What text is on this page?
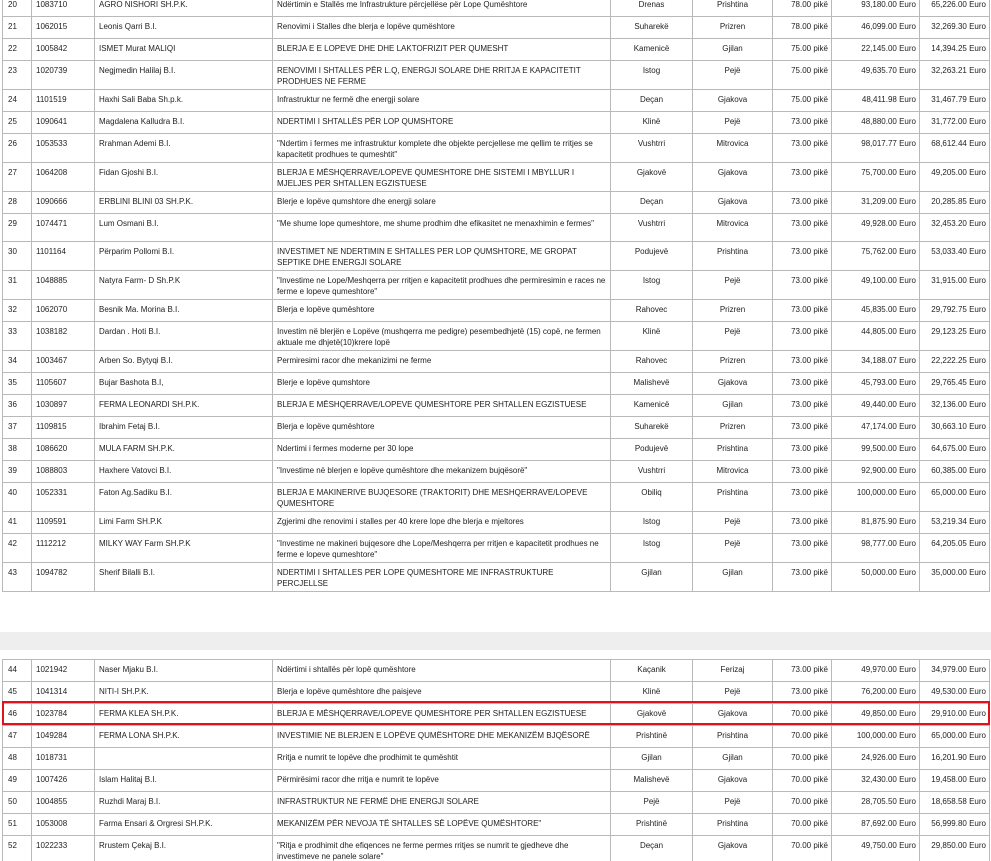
20	1083710	AGRO NISHORI SH.P.K.	Ndërtimin e Stallës me Infrastrukture përcjellëse për Lope Qumështore	Drenas	Prishtina	78.00 pikë	93,180.00 Euro	65,226.00 Euro
21	1062015	Leonis Qarri B.I.	Renovimi i Stalles dhe blerja e lopëve qumështore	Suharekë	Prizren	78.00 pikë	46,099.00 Euro	32,269.30 Euro
22	1005842	ISMET Murat MALIQI	BLERJA E E LOPEVE DHE DHE LAKTOFRIZIT PER QUMESHT	Kamenicë	Gjilan	75.00 pikë	22,145.00 Euro	14,394.25 Euro
23	1020739	Negjmedin Halilaj B.I.	RENOVIMI I SHTALLES PËR L.Q, ENERGJI SOLARE DHE RRITJA E KAPACITETIT PRODHUES NE FERME	Istog	Pejë	75.00 pikë	49,635.70 Euro	32,263.21 Euro
24	1101519	Haxhi Sali Baba Sh.p.k.	Infrastruktur ne fermë dhe energji solare	Deçan	Gjakova	75.00 pikë	48,411.98 Euro	31,467.79 Euro
25	1090641	Magdalena Kalludra B.I.	NDERTIMI I SHTALLËS PËR LOP QUMSHTORE	Klinë	Pejë	73.00 pikë	48,880.00 Euro	31,772.00 Euro
26	1053533	Rrahman Ademi B.I.	"Ndertim i fermes me infrastruktur komplete dhe objekte percjellese me qellim te rritjes se kapacitetit prodhues te qumeshtit"	Vushtrri	Mitrovica	73.00 pikë	98,017.77 Euro	68,612.44 Euro
27	1064208	Fidan Gjoshi B.I.	BLERJA E MËSHQERRAVE/LOPEVE QUMESHTORE DHE SISTEMI I MBYLLUR I MJELJES PER SHTALLEN EGZISTUESE	Gjakovë	Gjakova	73.00 pikë	75,700.00 Euro	49,205.00 Euro
28	1090666	ERBLINI BLINI 03 SH.P.K.	Blerje e lopëve qumshtore dhe energji solare	Deçan	Gjakova	73.00 pikë	31,209.00 Euro	20,285.85 Euro
29	1074471	Lum Osmani B.I.	"Me shume lope qumeshtore, me shume prodhim dhe efikasitet ne menaxhimin e fermes"	Vushtrri	Mitrovica	73.00 pikë	49,928.00 Euro	32,453.20 Euro
30	1101164	Përparim Pollomi B.I.	INVESTIMET NE NDERTIMIN E SHTALLES PER LOP QUMSHTORE, ME GROPAT SEPTIKE DHE ENERGJI SOLARE	Podujevë	Prishtina	73.00 pikë	75,762.00 Euro	53,033.40 Euro
31	1048885	Natyra Farm- D Sh.P.K	"Investime ne Lope/Meshqerra per rritjen e kapacitetit prodhues dhe permiresimin e races ne ferme e lopeve qumeshtore"	Istog	Pejë	73.00 pikë	49,100.00 Euro	31,915.00 Euro
32	1062070	Besnik Ma. Morina B.I.	Blerja e lopëve qumështore	Rahovec	Prizren	73.00 pikë	45,835.00 Euro	29,792.75 Euro
33	1038182	Dardan . Hoti B.I.	Investim në blerjën e Lopëve (mushqerra me pedigre) pesembedhjetë (15) copë, ne fermen aktuale me dhjetë(10)krere lopë	Klinë	Pejë	73.00 pikë	44,805.00 Euro	29,123.25 Euro
34	1003467	Arben So. Bytyqi B.I.	Permiresimi racor dhe mekanizimi ne ferme	Rahovec	Prizren	73.00 pikë	34,188.07 Euro	22,222.25 Euro
35	1105607	Bujar Bashota B.I,	Blerje e lopëve qumshtore	Malishevë	Gjakova	73.00 pikë	45,793.00 Euro	29,765.45 Euro
36	1030897	FERMA LEONARDI SH.P.K.	BLERJA E MËSHQERRAVE/LOPEVE QUMESHTORE PER SHTALLEN EGZISTUESE	Kamenicë	Gjilan	73.00 pikë	49,440.00 Euro	32,136.00 Euro
37	1109815	Ibrahim Fetaj B.I.	Blerja e lopëve qumështore	Suharekë	Prizren	73.00 pikë	47,174.00 Euro	30,663.10 Euro
38	1086620	MULA FARM SH.P.K.	Ndertimi i fermes moderne per 30 lope	Podujevë	Prishtina	73.00 pikë	99,500.00 Euro	64,675.00 Euro
39	1088803	Haxhere Vatovci B.I.	"Investime në blerjen e lopëve qumështore dhe mekanizem bujqësorë"	Vushtrri	Mitrovica	73.00 pikë	92,900.00 Euro	60,385.00 Euro
40	1052331	Faton Ag.Sadiku B.I.	BLERJA E MAKINERIVE BUJQESORE (TRAKTORIT) DHE MESHQERRAVE/LOPEVE QUMESHTORE	Obiliq	Prishtina	73.00 pikë	100,000.00 Euro	65,000.00 Euro
41	1109591	Limi Farm SH.P.K	Zgjerimi dhe renovimi i stalles per 40 krere lope dhe blerja e mjeltores	Istog	Pejë	73.00 pikë	81,875.90 Euro	53,219.34 Euro
42	1112212	MILKY WAY Farm SH.P.K	"Investime ne makineri bujqesore dhe Lope/Meshqerra per rritjen e kapacitetit prodhues ne ferme e lopeve qumeshtore"	Istog	Pejë	73.00 pikë	98,777.00 Euro	64,205.05 Euro
43	1094782	Sherif Bilalli B.I.	NDERTIMI I SHTALLES PER LOPE QUMESHTORE ME INFRASTRUKTURE PERCJELLSE	Gjilan	Gjilan	73.00 pikë	50,000.00 Euro	35,000.00 Euro
44	1021942	Naser Mjaku B.I.	Ndërtimi i shtallës për lopë qumështore	Kaçanik	Ferizaj	73.00 pikë	49,970.00 Euro	34,979.00 Euro
45	1041314	NITI-I SH.P.K.	Blerja e lopëve qumështore dhe paisjeve	Klinë	Pejë	73.00 pikë	76,200.00 Euro	49,530.00 Euro
46	1023784	FERMA KLEA SH.P.K.	BLERJA E MËSHQERRAVE/LOPEVE QUMESHTORE PER SHTALLEN EGZISTUESE	Gjakovë	Gjakova	70.00 pikë	49,850.00 Euro	29,910.00 Euro
47	1049284	FERMA LONA SH.P.K.	INVESTIMIE NE BLERJEN E LOPËVE QUMËSHTORE DHE MEKANIZËM BJQËSORË	Prishtinë	Prishtina	70.00 pikë	100,000.00 Euro	65,000.00 Euro
48	1018731		Rritja e numrit te lopëve dhe prodhimit te qumështit	Gjilan	Gjilan	70.00 pikë	24,926.00 Euro	16,201.90 Euro
49	1007426	Islam Halitaj B.I.	Përmirësimi racor dhe rritja e numrit te lopëve	Malishevë	Gjakova	70.00 pikë	32,430.00 Euro	19,458.00 Euro
50	1004855	Ruzhdi Maraj B.I.	INFRASTRUKTUR NE FERMË DHE ENERGJI SOLARE	Pejë	Pejë	70.00 pikë	28,705.50 Euro	18,658.58 Euro
51	1053008	Farma Ensari & Orgresi SH.P.K.	MEKANIZËM PËR NEVOJA TË SHTALLES SË LOPËVE QUMËSHTORE"	Prishtinë	Prishtina	70.00 pikë	87,692.00 Euro	56,999.80 Euro
52	1022233	Rrustem Çekaj B.I.	"Ritja e prodhimit dhe efiqences ne ferme permes rritjes se numrit te gjedheve dhe investimeve ne panele solare"	Deçan	Gjakova	70.00 pikë	49,750.00 Euro	29,850.00 Euro
